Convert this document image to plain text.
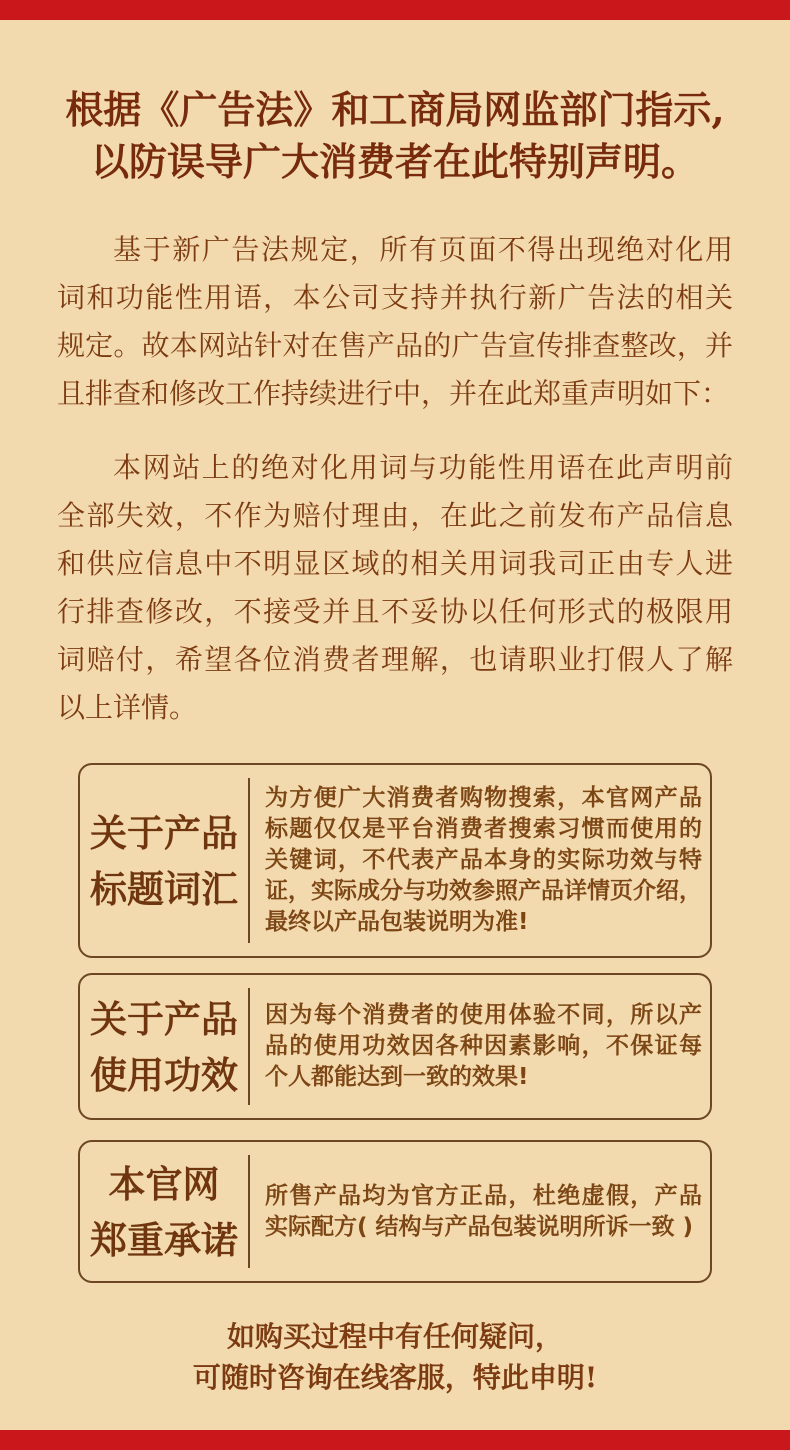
根据《广告法》和工商局网监部门指示,
以防误导广大消费者在此特别声明。
基于新广告法规定，所有页面不得出现绝对化用
词和功能性用语，本公司支持并执行新广告法的相关
规定。故本网站针对在售产品的广告宣传排查整改，并
且排查和修改工作持续进行中，并在此郑重声明如下：
本网站上的绝对化用词与功能性用语在此声明前
全部失效，不作为赔付理由，在此之前发布产品信息
和供应信息中不明显区域的相关用词我司正由专人进
行排查修改，不接受并且不妥协以任何形式的极限用
词赔付，希望各位消费者理解，也请职业打假人了解
以上详情。
关于产品
标题词汇
为方便广大消费者购物搜索，本官网产品
标题仅仅是平台消费者搜索习惯而使用的
关键词，不代表产品本身的实际功效与特
证，实际成分与功效参照产品详情页介绍，
最终以产品包装说明为准!
关于产品
使用功效
因为每个消费者的使用体验不同，所以产
品的使用功效因各种因素影响，不保证每
个人都能达到一致的效果!
本官网
郑重承诺
所售产品均为官方正品，杜绝虚假，产品
实际配方( 结构与产品包装说明所诉一致 )
如购买过程中有任何疑问，
可随时咨询在线客服，特此申明!
